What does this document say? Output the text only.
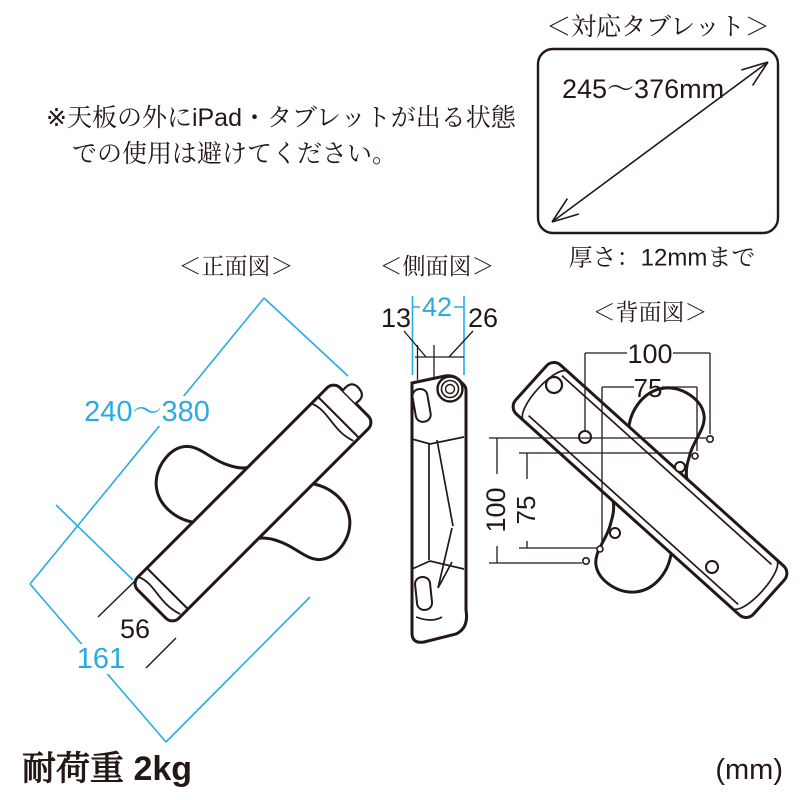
※天板の外にiPad・タブレットが出る状態
での使用は避けてください。
＜対応タブレット＞
245～376mm
厚さ：12mmまで
＜正面図＞	＜側面図＞
＜背面図＞
240～380
161
56
42
13 26
100
75
100 75
耐荷重 2kg	(mm)
